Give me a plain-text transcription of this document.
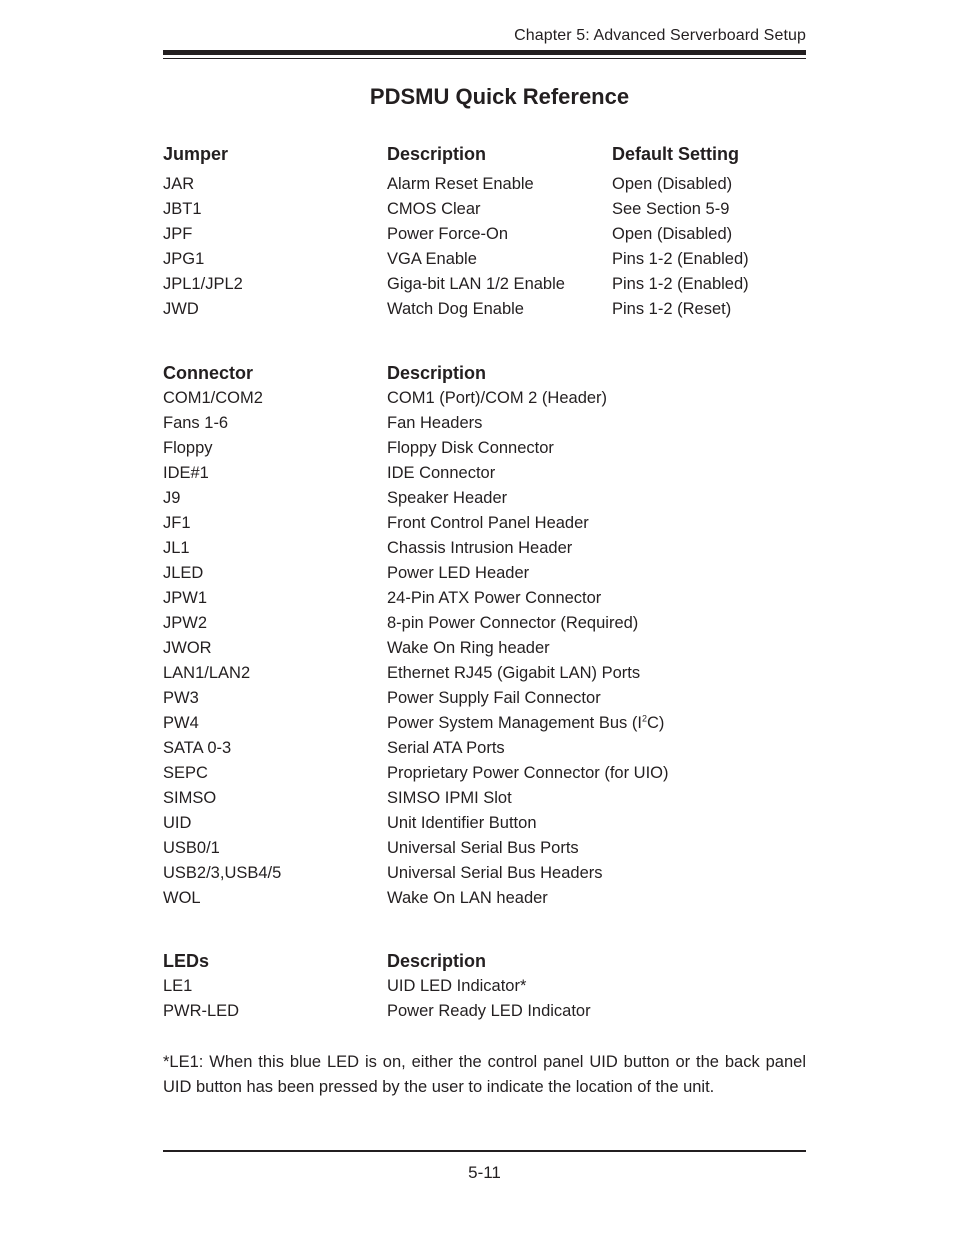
Chapter 5: Advanced Serverboard Setup
PDSMU Quick Reference
Jumper	Description	Default Setting
JAR	Alarm Reset Enable	Open (Disabled)
JBT1	CMOS Clear	See Section 5-9
JPF	Power Force-On	Open (Disabled)
JPG1	VGA Enable	Pins 1-2 (Enabled)
JPL1/JPL2	Giga-bit LAN 1/2 Enable	Pins 1-2 (Enabled)
JWD	Watch Dog Enable	Pins 1-2 (Reset)
Connector	Description
COM1/COM2	COM1 (Port)/COM 2 (Header)
Fans 1-6	Fan Headers
Floppy	Floppy Disk Connector
IDE#1	IDE Connector
J9	Speaker Header
JF1	Front Control Panel Header
JL1	Chassis Intrusion Header
JLED	Power LED Header
JPW1	24-Pin ATX Power Connector
JPW2	8-pin Power Connector (Required)
JWOR	Wake On Ring header
LAN1/LAN2	Ethernet RJ45 (Gigabit LAN) Ports
PW3	Power Supply Fail Connector
PW4	Power System Management Bus $(I^2C)$
SATA 0-3	Serial ATA Ports
SEPC	Proprietary Power Connector (for UIO)
SIMSO	SIMSO IPMI Slot
UID	Unit Identifier Button
USB0/1	Universal Serial Bus Ports
USB2/3,USB4/5	Universal Serial Bus Headers
WOL	Wake On LAN header
LEDs	Description
LE1	UID LED Indicator*
PWR-LED	Power Ready LED Indicator

*LE1: When this blue LED is on, either the control panel UID button or the back panel UID button has been pressed by the user to indicate the location of the unit.

5-11
